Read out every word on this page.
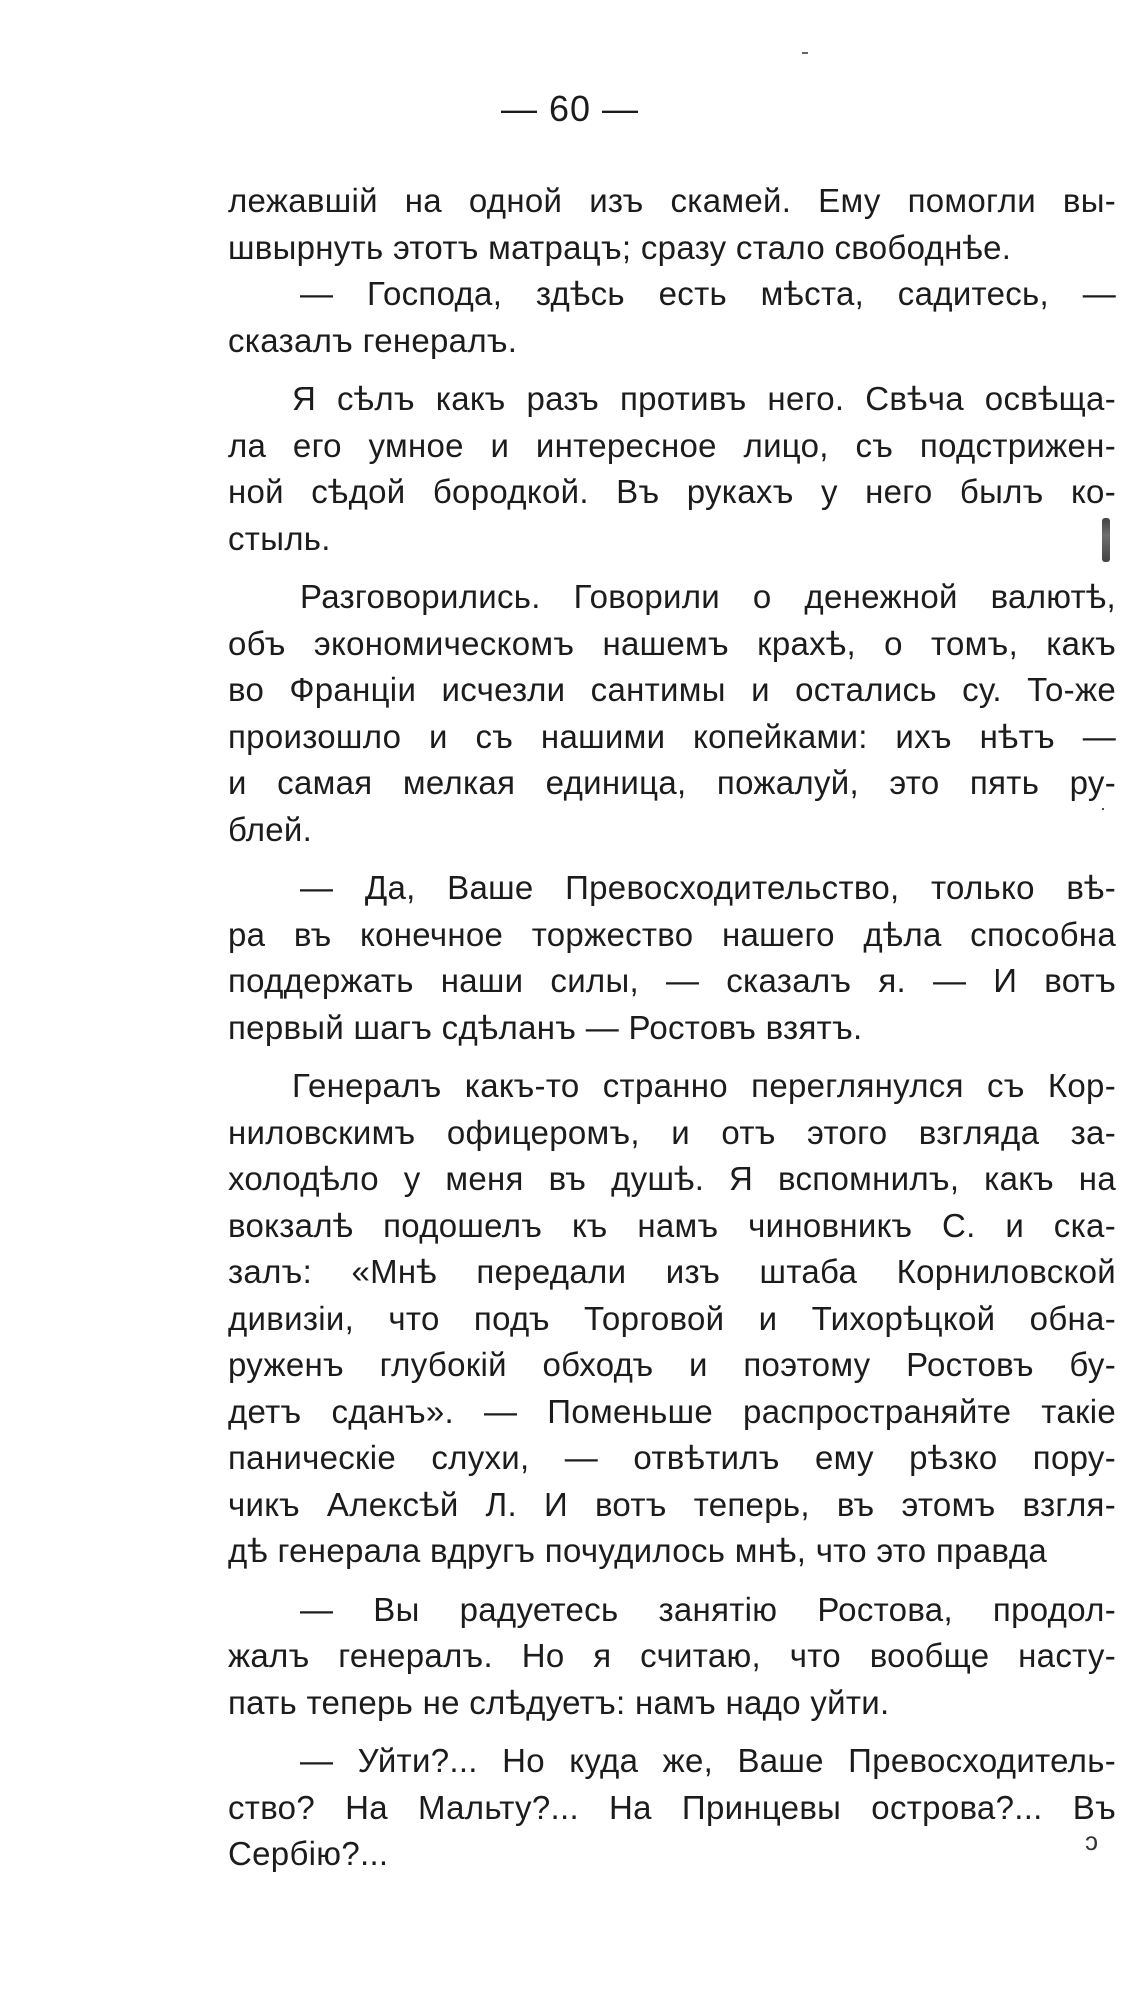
— 60 —
лежавшій на одной изъ скамей. Ему помогли вы-
швырнуть этотъ матрацъ; сразу стало свободнѣе.
— Господа, здѣсь есть мѣста, садитесь, —
сказалъ генералъ.
Я сѣлъ какъ разъ противъ него. Свѣча освѣща-
ла его умное и интересное лицо, съ подстрижен-
ной сѣдой бородкой. Въ рукахъ у него былъ ко-
стыль.
Разговорились. Говорили о денежной валютѣ,
объ экономическомъ нашемъ крахѣ, о томъ, какъ
во Франціи исчезли сантимы и остались су. То-же
произошло и съ нашими копейками: ихъ нѣтъ —
и самая мелкая единица, пожалуй, это пять ру-
блей.
— Да, Ваше Превосходительство, только вѣ-
ра въ конечное торжество нашего дѣла способна
поддержать наши силы, — сказалъ я. — И вотъ
первый шагъ сдѣланъ — Ростовъ взятъ.
Генералъ какъ-то странно переглянулся съ Кор-
ниловскимъ офицеромъ, и отъ этого взгляда за-
холодѣло у меня въ душѣ. Я вспомнилъ, какъ на
вокзалѣ подошелъ къ намъ чиновникъ С. и ска-
залъ: «Мнѣ передали изъ штаба Корниловской
дивизіи, что подъ Торговой и Тихорѣцкой обна-
руженъ глубокій обходъ и поэтому Ростовъ бу-
детъ сданъ». — Поменьше распространяйте такіе
паническіе слухи, — отвѣтилъ ему рѣзко пору-
чикъ Алексѣй Л. И вотъ теперь, въ этомъ взгля-
дѣ генерала вдругъ почудилось мнѣ, что это правда
— Вы радуетесь занятію Ростова, продол-
жалъ генералъ. Но я считаю, что вообще насту-
пать теперь не слѣдуетъ: намъ надо уйти.
— Уйти?... Но куда же, Ваше Превосходитель-
ство? На Мальту?... На Принцевы острова?... Въ
Сербію?...
·
ɔ
